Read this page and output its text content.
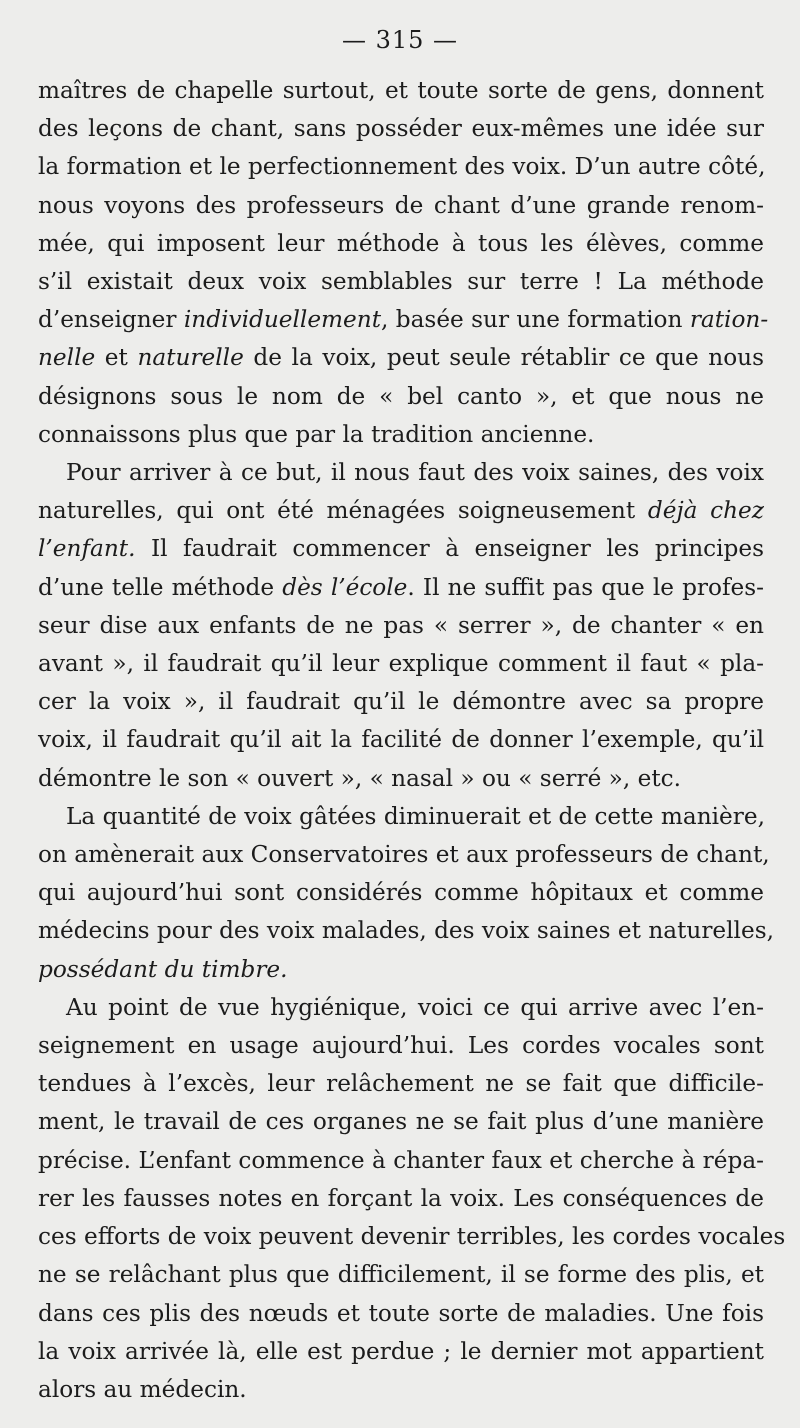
— 315 —
maîtres de chapelle surtout, et toute sorte de gens, donnent
des leçons de chant, sans posséder eux-mêmes une idée sur
la formation et le perfectionnement des voix. D’un autre côté,
nous voyons des professeurs de chant d’une grande renom-
mée, qui imposent leur méthode à tous les élèves, comme
s’il existait deux voix semblables sur terre ! La méthode
d’enseigner individuellement, basée sur une formation ration-
nelle et naturelle de la voix, peut seule rétablir ce que nous
désignons sous le nom de « bel canto », et que nous ne
connaissons plus que par la tradition ancienne.
Pour arriver à ce but, il nous faut des voix saines, des voix
naturelles, qui ont été ménagées soigneusement déjà chez
l’enfant. Il faudrait commencer à enseigner les principes
d’une telle méthode dès l’école. Il ne suffit pas que le profes-
seur dise aux enfants de ne pas « serrer », de chanter « en
avant », il faudrait qu’il leur explique comment il faut « pla-
cer la voix », il faudrait qu’il le démontre avec sa propre
voix, il faudrait qu’il ait la facilité de donner l’exemple, qu’il
démontre le son « ouvert », « nasal » ou « serré », etc.
La quantité de voix gâtées diminuerait et de cette manière,
on amènerait aux Conservatoires et aux professeurs de chant,
qui aujourd’hui sont considérés comme hôpitaux et comme
médecins pour des voix malades, des voix saines et naturelles,
possédant du timbre.
Au point de vue hygiénique, voici ce qui arrive avec l’en-
seignement en usage aujourd’hui. Les cordes vocales sont
tendues à l’excès, leur relâchement ne se fait que difficile-
ment, le travail de ces organes ne se fait plus d’une manière
précise. L’enfant commence à chanter faux et cherche à répa-
rer les fausses notes en forçant la voix. Les conséquences de
ces efforts de voix peuvent devenir terribles, les cordes vocales
ne se relâchant plus que difficilement, il se forme des plis, et
dans ces plis des nœuds et toute sorte de maladies. Une fois
la voix arrivée là, elle est perdue ; le dernier mot appartient
alors au médecin.
